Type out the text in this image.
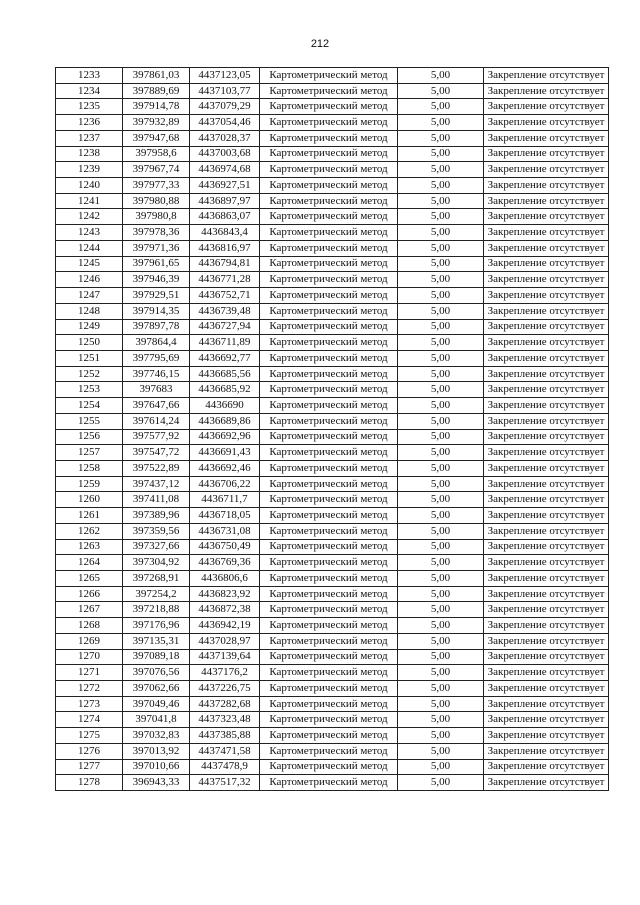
212
1233	397861,03	4437123,05	Картометрический метод	5,00	Закрепление отсутствует
1234	397889,69	4437103,77	Картометрический метод	5,00	Закрепление отсутствует
1235	397914,78	4437079,29	Картометрический метод	5,00	Закрепление отсутствует
1236	397932,89	4437054,46	Картометрический метод	5,00	Закрепление отсутствует
1237	397947,68	4437028,37	Картометрический метод	5,00	Закрепление отсутствует
1238	397958,6	4437003,68	Картометрический метод	5,00	Закрепление отсутствует
1239	397967,74	4436974,68	Картометрический метод	5,00	Закрепление отсутствует
1240	397977,33	4436927,51	Картометрический метод	5,00	Закрепление отсутствует
1241	397980,88	4436897,97	Картометрический метод	5,00	Закрепление отсутствует
1242	397980,8	4436863,07	Картометрический метод	5,00	Закрепление отсутствует
1243	397978,36	4436843,4	Картометрический метод	5,00	Закрепление отсутствует
1244	397971,36	4436816,97	Картометрический метод	5,00	Закрепление отсутствует
1245	397961,65	4436794,81	Картометрический метод	5,00	Закрепление отсутствует
1246	397946,39	4436771,28	Картометрический метод	5,00	Закрепление отсутствует
1247	397929,51	4436752,71	Картометрический метод	5,00	Закрепление отсутствует
1248	397914,35	4436739,48	Картометрический метод	5,00	Закрепление отсутствует
1249	397897,78	4436727,94	Картометрический метод	5,00	Закрепление отсутствует
1250	397864,4	4436711,89	Картометрический метод	5,00	Закрепление отсутствует
1251	397795,69	4436692,77	Картометрический метод	5,00	Закрепление отсутствует
1252	397746,15	4436685,56	Картометрический метод	5,00	Закрепление отсутствует
1253	397683	4436685,92	Картометрический метод	5,00	Закрепление отсутствует
1254	397647,66	4436690	Картометрический метод	5,00	Закрепление отсутствует
1255	397614,24	4436689,86	Картометрический метод	5,00	Закрепление отсутствует
1256	397577,92	4436692,96	Картометрический метод	5,00	Закрепление отсутствует
1257	397547,72	4436691,43	Картометрический метод	5,00	Закрепление отсутствует
1258	397522,89	4436692,46	Картометрический метод	5,00	Закрепление отсутствует
1259	397437,12	4436706,22	Картометрический метод	5,00	Закрепление отсутствует
1260	397411,08	4436711,7	Картометрический метод	5,00	Закрепление отсутствует
1261	397389,96	4436718,05	Картометрический метод	5,00	Закрепление отсутствует
1262	397359,56	4436731,08	Картометрический метод	5,00	Закрепление отсутствует
1263	397327,66	4436750,49	Картометрический метод	5,00	Закрепление отсутствует
1264	397304,92	4436769,36	Картометрический метод	5,00	Закрепление отсутствует
1265	397268,91	4436806,6	Картометрический метод	5,00	Закрепление отсутствует
1266	397254,2	4436823,92	Картометрический метод	5,00	Закрепление отсутствует
1267	397218,88	4436872,38	Картометрический метод	5,00	Закрепление отсутствует
1268	397176,96	4436942,19	Картометрический метод	5,00	Закрепление отсутствует
1269	397135,31	4437028,97	Картометрический метод	5,00	Закрепление отсутствует
1270	397089,18	4437139,64	Картометрический метод	5,00	Закрепление отсутствует
1271	397076,56	4437176,2	Картометрический метод	5,00	Закрепление отсутствует
1272	397062,66	4437226,75	Картометрический метод	5,00	Закрепление отсутствует
1273	397049,46	4437282,68	Картометрический метод	5,00	Закрепление отсутствует
1274	397041,8	4437323,48	Картометрический метод	5,00	Закрепление отсутствует
1275	397032,83	4437385,88	Картометрический метод	5,00	Закрепление отсутствует
1276	397013,92	4437471,58	Картометрический метод	5,00	Закрепление отсутствует
1277	397010,66	4437478,9	Картометрический метод	5,00	Закрепление отсутствует
1278	396943,33	4437517,32	Картометрический метод	5,00	Закрепление отсутствует
